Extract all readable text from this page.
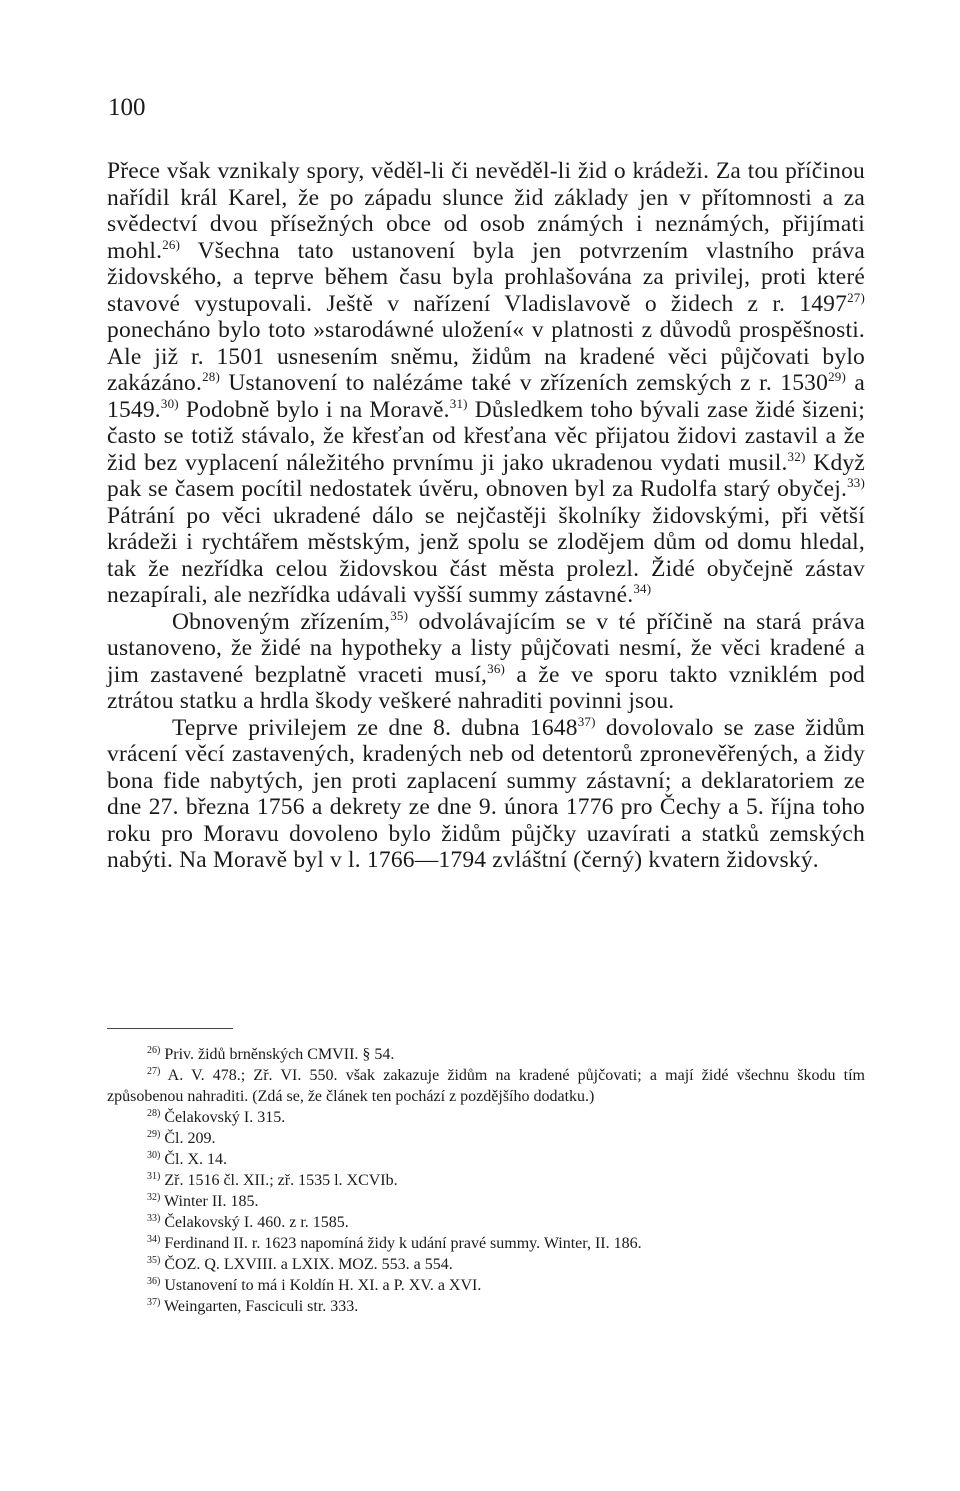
100

Přece však vznikaly spory, věděl-li či nevěděl-li žid o krádeži. Za tou příčinou nařídil král Karel, že po západu slunce žid základy jen v přítomnosti a za svědectví dvou přísežných obce od osob známých i neznámých, přijímati mohl.$^{26)}$ Všechna tato ustanovení byla jen potvrzením vlastního práva židovského, a teprve během času byla prohlašována za privilej, proti které stavové vystupovali. Ještě v nařízení Vladislavově o židech z r. 1497$^{27)}$ ponecháno bylo toto »starodáwné uložení« v platnosti z důvodů prospěšnosti. Ale již r. 1501 usnesením sněmu, židům na kradené věci půjčovati bylo zakázáno.$^{28)}$ Ustanovení to nalézáme také v zřízeních zemských z r. 1530$^{29)}$ a 1549.$^{30)}$ Podobně bylo i na Moravě.$^{31)}$ Důsledkem toho bývali zase židé šizeni; často se totiž stávalo, že křesťan od křesťana věc přijatou židovi zastavil a že žid bez vyplacení náležitého prvnímu ji jako ukradenou vydati musil.$^{32)}$ Když pak se časem pocítil nedostatek úvěru, obnoven byl za Rudolfa starý obyčej.$^{33)}$ Pátrání po věci ukradené dálo se nejčastěji školníky židovskými, při větší krádeži i rychtářem městským, jenž spolu se zlodějem dům od domu hledal, tak že nezřídka celou židovskou část města prolezl. Židé obyčejně zástav nezapírali, ale nezřídka udávali vyšší summy zástavné.$^{34)}$

Obnoveným zřízením,$^{35)}$ odvolávajícím se v té příčině na stará práva ustanoveno, že židé na hypotheky a listy půjčovati nesmí, že věci kradené a jim zastavené bezplatně vraceti musí,$^{36)}$ a že ve sporu takto vzniklém pod ztrátou statku a hrdla škody veškeré nahraditi povinni jsou.

Teprve privilejem ze dne 8. dubna 1648$^{37)}$ dovolovalo se zase židům vrácení věcí zastavených, kradených neb od detentorů zpronevěřených, a židy bona fide nabytých, jen proti zaplacení summy zástavní; a deklaratoriem ze dne 27. března 1756 a dekrety ze dne 9. února 1776 pro Čechy a 5. října toho roku pro Moravu dovoleno bylo židům půjčky uzavírati a statků zemských nabýti. Na Moravě byl v l. 1766—1794 zvláštní (černý) kvatern židovský.

$^{26)}$ Priv. židů brněnských CMVII. § 54.

$^{27)}$ A. V. 478.; Zř. VI. 550. však zakazuje židům na kradené půjčovati; a mají židé všechnu škodu tím způsobenou nahraditi. (Zdá se, že článek ten pochází z pozdějšího dodatku.)

$^{28)}$ Čelakovský I. 315.

$^{29)}$ Čl. 209.

$^{30)}$ Čl. X. 14.

$^{31)}$ Zř. 1516 čl. XII.; zř. 1535 l. XCVIb.

$^{32)}$ Winter II. 185.

$^{33)}$ Čelakovský I. 460. z r. 1585.

$^{34)}$ Ferdinand II. r. 1623 napomíná židy k udání pravé summy. Winter, II. 186.

$^{35)}$ ČOZ. Q. LXVIII. a LXIX. MOZ. 553. a 554.

$^{36)}$ Ustanovení to má i Koldín H. XI. a P. XV. a XVI.

$^{37)}$ Weingarten, Fasciculi str. 333.
